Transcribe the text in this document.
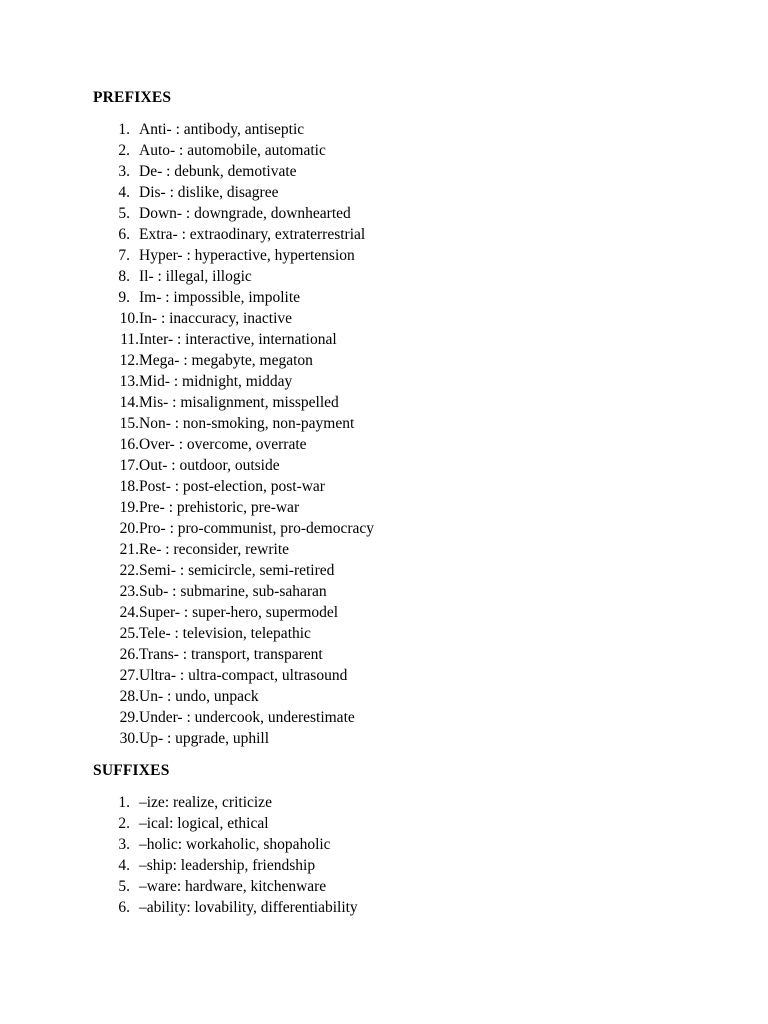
PREFIXES
1. Anti- : antibody, antiseptic
2. Auto- : automobile, automatic
3. De- : debunk, demotivate
4. Dis- : dislike, disagree
5. Down- : downgrade, downhearted
6. Extra- : extraodinary, extraterrestrial
7. Hyper- : hyperactive, hypertension
8. Il- : illegal, illogic
9. Im- : impossible, impolite
10. In- : inaccuracy, inactive
11. Inter- : interactive, international
12. Mega- : megabyte, megaton
13. Mid- : midnight, midday
14. Mis- : misalignment, misspelled
15. Non- : non-smoking, non-payment
16. Over- : overcome, overrate
17. Out- : outdoor, outside
18. Post- : post-election, post-war
19. Pre- : prehistoric, pre-war
20. Pro- : pro-communist, pro-democracy
21. Re- : reconsider, rewrite
22. Semi- : semicircle, semi-retired
23. Sub- : submarine, sub-saharan
24. Super- : super-hero, supermodel
25. Tele- : television, telepathic
26. Trans- : transport, transparent
27. Ultra- : ultra-compact, ultrasound
28. Un- : undo, unpack
29. Under- : undercook, underestimate
30. Up- : upgrade, uphill
SUFFIXES
1. –ize: realize, criticize
2. –ical: logical, ethical
3. –holic: workaholic, shopaholic
4. –ship: leadership, friendship
5. –ware: hardware, kitchenware
6. –ability: lovability, differentiability
